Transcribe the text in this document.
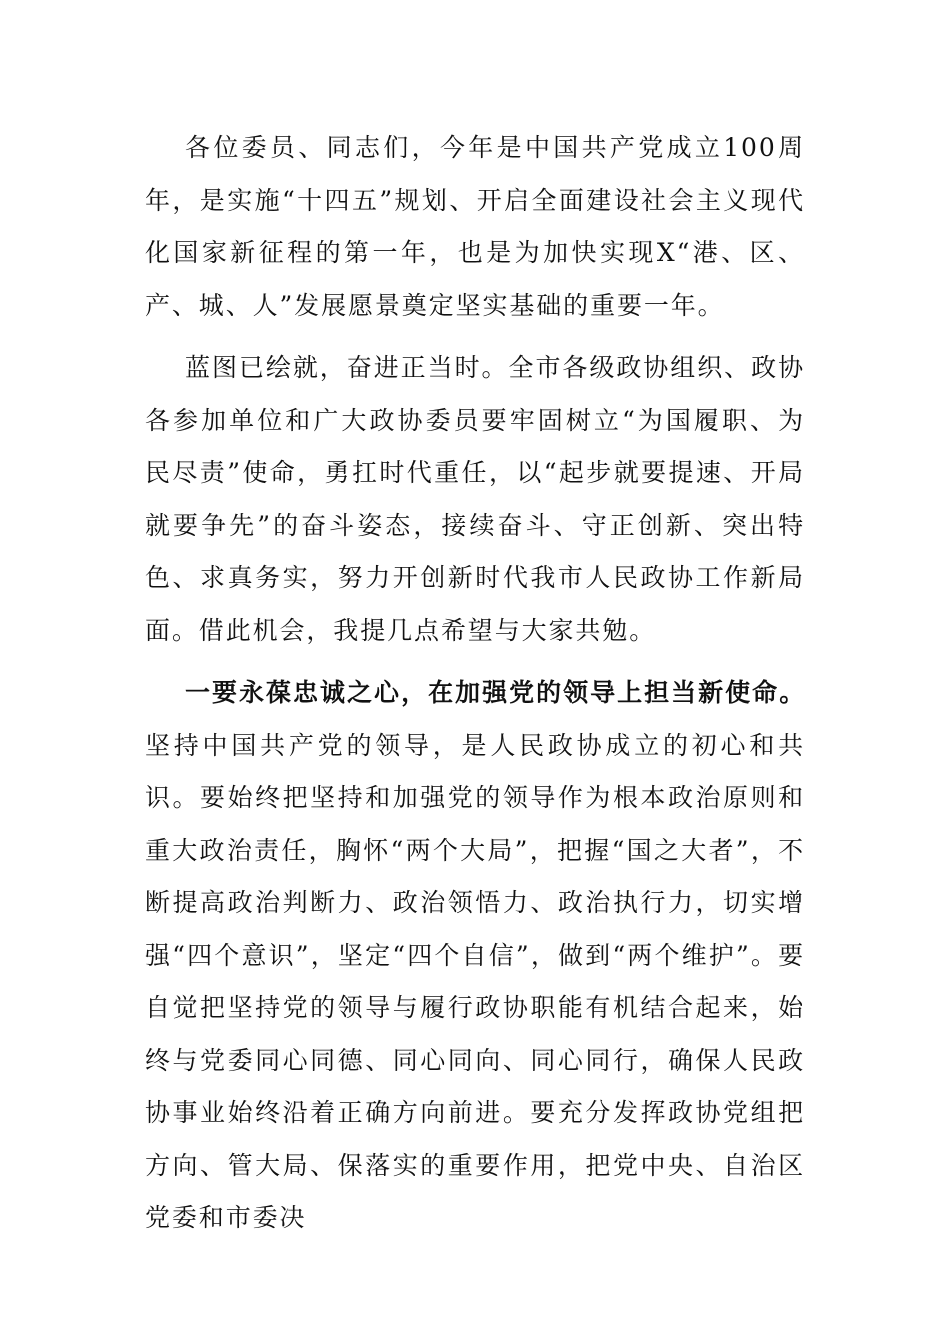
各位委员、同志们，今年是中国共产党成立100周年，是实施“十四五”规划、开启全面建设社会主义现代化国家新征程的第一年，也是为加快实现X“港、区、产、城、人”发展愿景奠定坚实基础的重要一年。

蓝图已绘就，奋进正当时。全市各级政协组织、政协各参加单位和广大政协委员要牢固树立“为国履职、为民尽责”使命，勇扛时代重任，以“起步就要提速、开局就要争先”的奋斗姿态，接续奋斗、守正创新、突出特色、求真务实，努力开创新时代我市人民政协工作新局面。借此机会，我提几点希望与大家共勉。

一要永葆忠诚之心，在加强党的领导上担当新使命。坚持中国共产党的领导，是人民政协成立的初心和共识。要始终把坚持和加强党的领导作为根本政治原则和重大政治责任，胸怀“两个大局”，把握“国之大者”，不断提高政治判断力、政治领悟力、政治执行力，切实增强“四个意识”，坚定“四个自信”，做到“两个维护”。要自觉把坚持党的领导与履行政协职能有机结合起来，始终与党委同心同德、同心同向、同心同行，确保人民政协事业始终沿着正确方向前进。要充分发挥政协党组把方向、管大局、保落实的重要作用，把党中央、自治区党委和市委决
